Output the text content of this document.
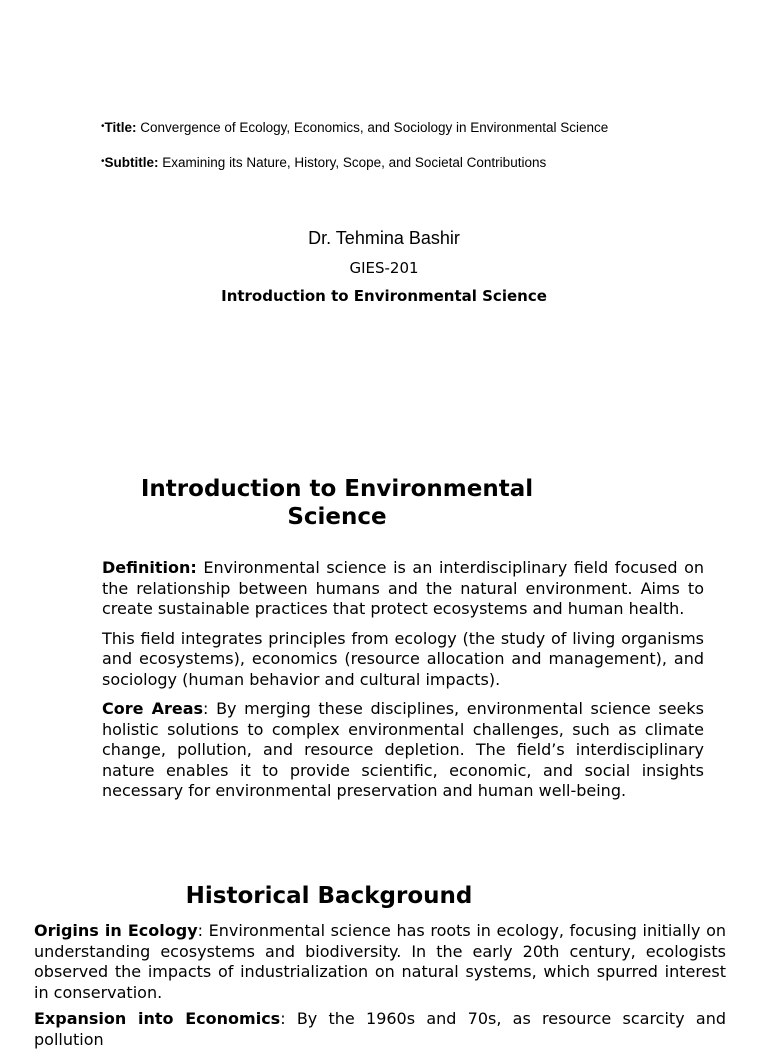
•Title: Convergence of Ecology, Economics, and Sociology in Environmental Science
•Subtitle: Examining its Nature, History, Scope, and Societal Contributions
Dr. Tehmina Bashir
GIES-201
Introduction to Environmental Science
Introduction to Environmental Science

Definition: Environmental science is an interdisciplinary field focused on the relationship between humans and the natural environment. Aims to create sustainable practices that protect ecosystems and human health.

This field integrates principles from ecology (the study of living organisms and ecosystems), economics (resource allocation and management), and sociology (human behavior and cultural impacts).

Core Areas: By merging these disciplines, environmental science seeks holistic solutions to complex environmental challenges, such as climate change, pollution, and resource depletion. The field’s interdisciplinary nature enables it to provide scientific, economic, and social insights necessary for environmental preservation and human well-being.

Historical Background

Origins in Ecology: Environmental science has roots in ecology, focusing initially on understanding ecosystems and biodiversity. In the early 20th century, ecologists observed the impacts of industrialization on natural systems, which spurred interest in conservation.

Expansion into Economics: By the 1960s and 70s, as resource scarcity and pollution
